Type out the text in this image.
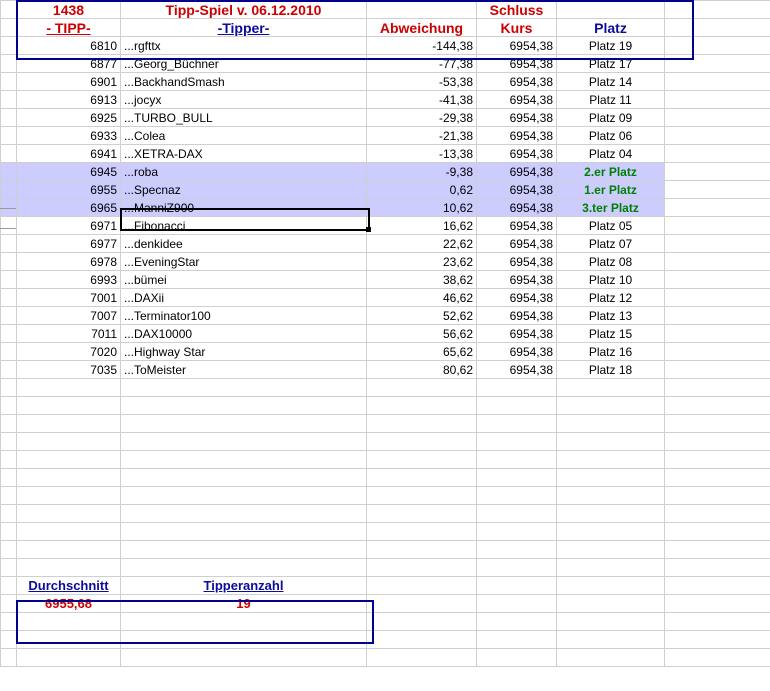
	1438	Tipp-Spiel v. 06.12.2010		Schluss		
	- TIPP-	-Tipper-	Abweichung	Kurs	Platz	
	6810	...rgfttx	-144,38	6954,38	Platz 19	
	6877	...Georg_Büchner	-77,38	6954,38	Platz 17	
	6901	...BackhandSmash	-53,38	6954,38	Platz 14	
	6913	...jocyx	-41,38	6954,38	Platz 11	
	6925	...TURBO_BULL	-29,38	6954,38	Platz 09	
	6933	...Colea	-21,38	6954,38	Platz 06	
	6941	...XETRA-DAX	-13,38	6954,38	Platz 04	
	6945	...roba	-9,38	6954,38	2.er Platz	
	6955	...Specnaz	0,62	6954,38	1.er Platz	
	6965	...ManniZ900	10,62	6954,38	3.ter Platz	
	6971	...Fibonacci	16,62	6954,38	Platz 05	
	6977	...denkidee	22,62	6954,38	Platz 07	
	6978	...EveningStar	23,62	6954,38	Platz 08	
	6993	...bümei	38,62	6954,38	Platz 10	
	7001	...DAXii	46,62	6954,38	Platz 12	
	7007	...Terminator100	52,62	6954,38	Platz 13	
	7011	...DAX10000	56,62	6954,38	Platz 15	
	7020	...Highway Star	65,62	6954,38	Platz 16	
	7035	...ToMeister	80,62	6954,38	Platz 18	

	Durchschnitt	Tipperanzahl				
	6955,68	19				
